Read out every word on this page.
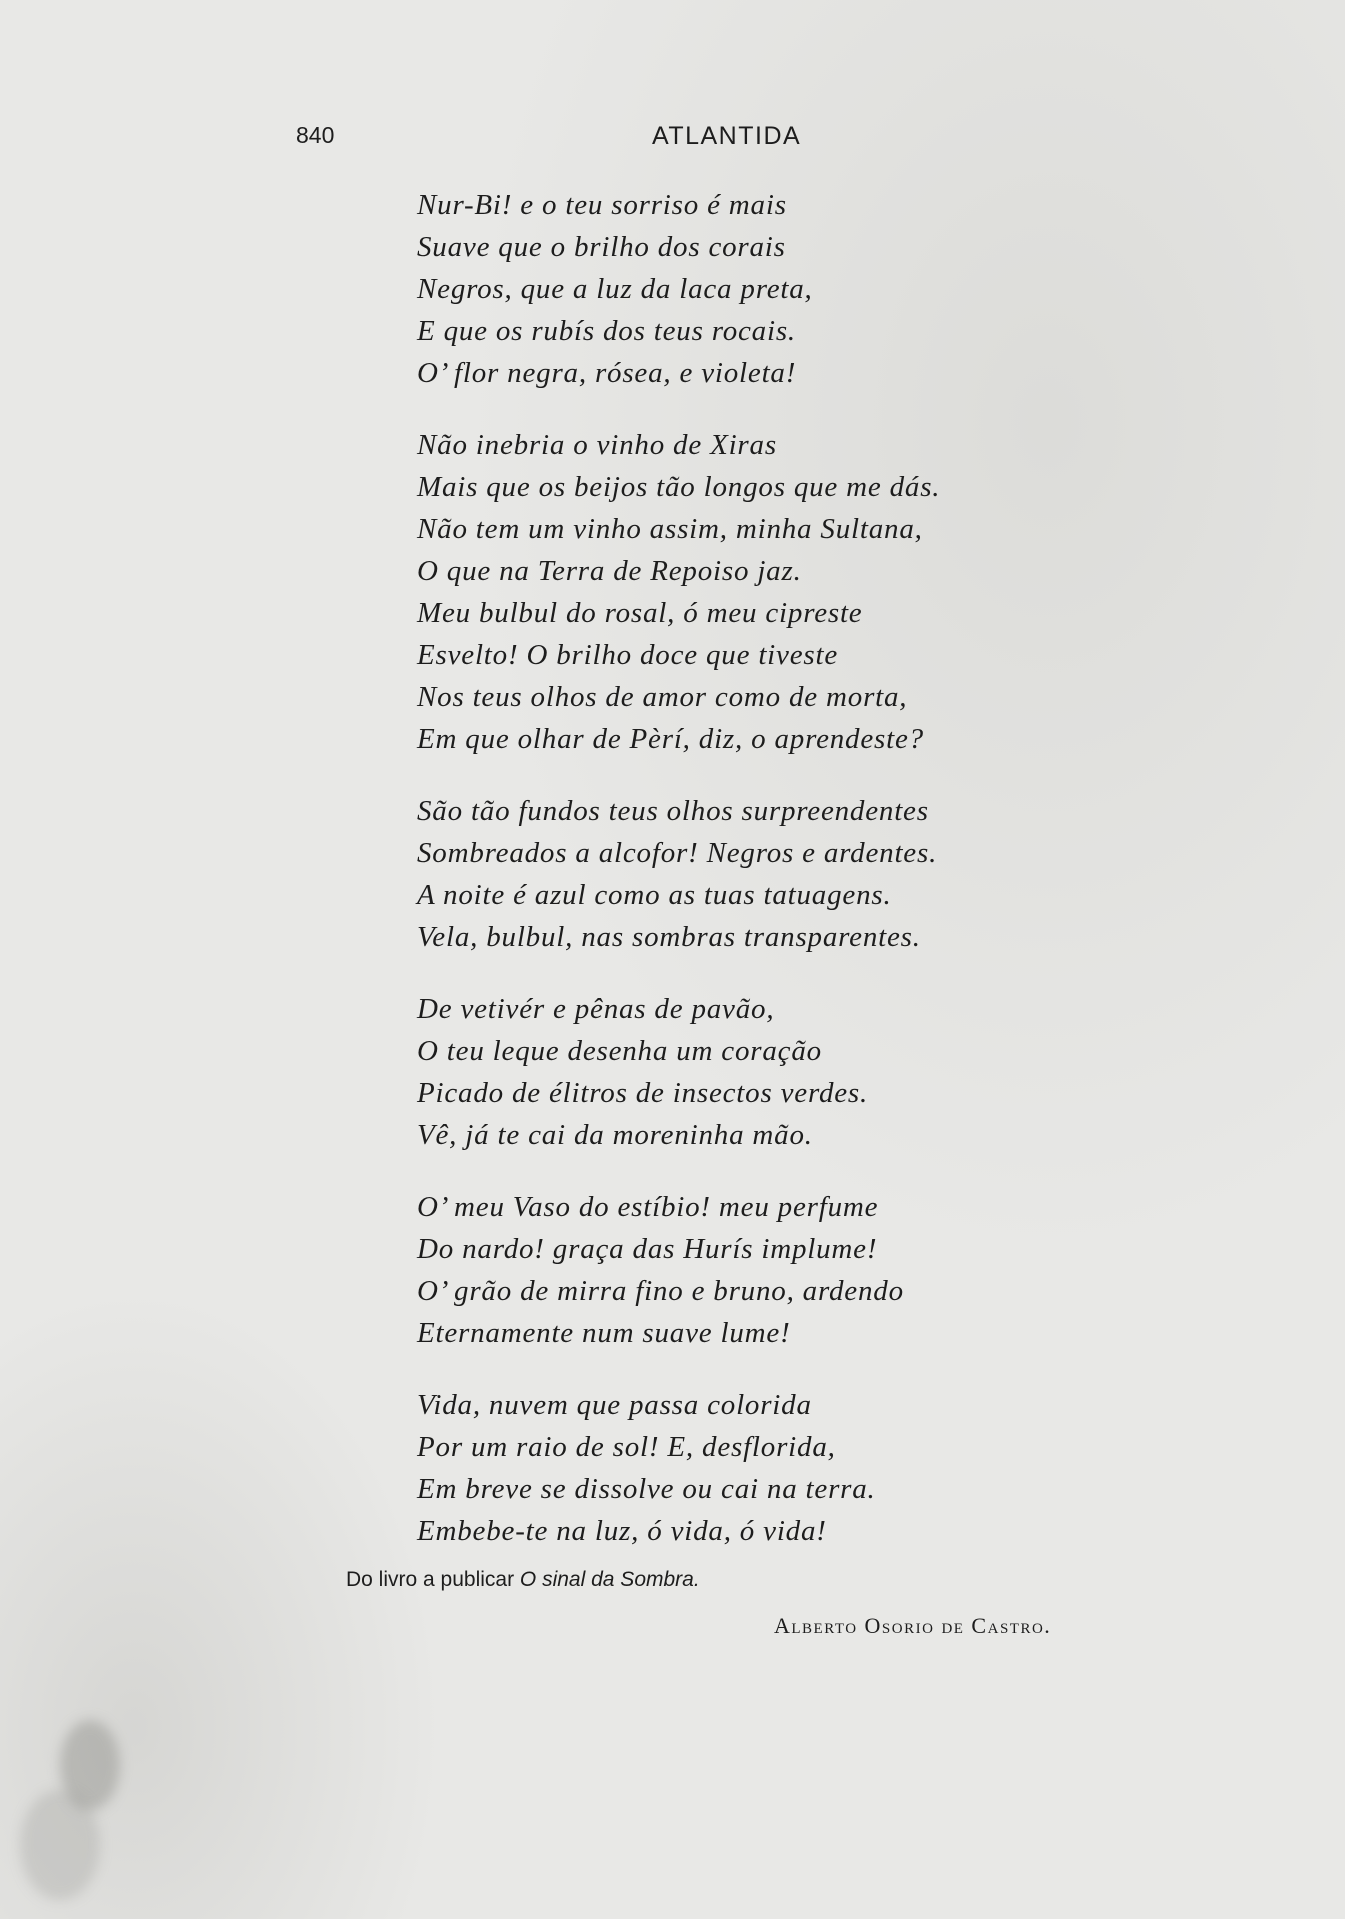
840	ATLANTIDA
Nur-Bi! e o teu sorriso é mais
Suave que o brilho dos corais
Negros, que a luz da laca preta,
E que os rubís dos teus rocais.
O’ flor negra, rósea, e violeta!
Não inebria o vinho de Xiras
Mais que os beijos tão longos que me dás.
Não tem um vinho assim, minha Sultana,
O que na Terra de Repoiso jaz.
Meu bulbul do rosal, ó meu cipreste
Esvelto! O brilho doce que tiveste
Nos teus olhos de amor como de morta,
Em que olhar de Pèrí, diz, o aprendeste?
São tão fundos teus olhos surpreendentes
Sombreados a alcofor! Negros e ardentes.
A noite é azul como as tuas tatuagens.
Vela, bulbul, nas sombras transparentes.
De vetivér e pênas de pavão,
O teu leque desenha um coração
Picado de élitros de insectos verdes.
Vê, já te cai da moreninha mão.
O’ meu Vaso do estíbio! meu perfume
Do nardo! graça das Hurís implume!
O’ grão de mirra fino e bruno, ardendo
Eternamente num suave lume!
Vida, nuvem que passa colorida
Por um raio de sol! E, desflorida,
Em breve se dissolve ou cai na terra.
Embebe-te na luz, ó vida, ó vida!
Do livro a publicar O sinal da Sombra.
Alberto Osorio de Castro.
